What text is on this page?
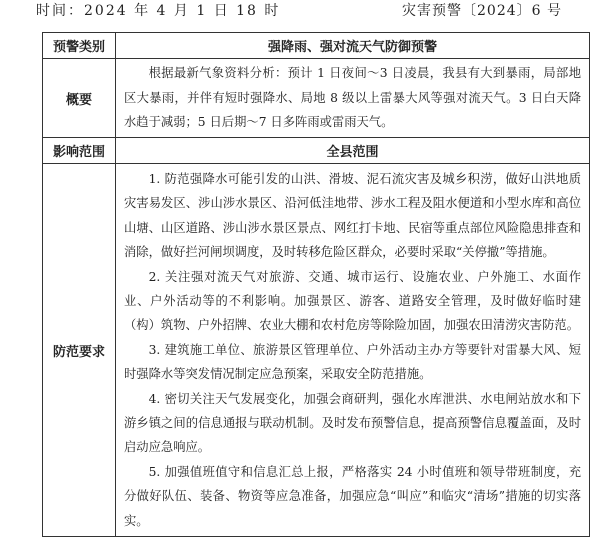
时间：2024 年 4 月 1 日 18 时	灾害预警〔2024〕6 号
预警类别	强降雨、强对流天气防御预警
概要	根据最新气象资料分析：预计 1 日夜间～3 日凌晨，我县有大到暴雨，局部地区大暴雨，并伴有短时强降水、局地 8 级以上雷暴大风等强对流天气。3 日白天降水趋于减弱；5 日后期～7 日多阵雨或雷雨天气。

影响范围	全县范围
防范要求	1. 防范强降水可能引发的山洪、滑坡、泥石流灾害及城乡积涝，做好山洪地质灾害易发区、涉山涉水景区、沿河低洼地带、涉水工程及阻水便道和小型水库和高位山塘、山区道路、涉山涉水景区景点、网红打卡地、民宿等重点部位风险隐患排查和消除，做好拦河闸坝调度，及时转移危险区群众，必要时采取“关停撤”等措施。

2. 关注强对流天气对旅游、交通、城市运行、设施农业、户外施工、水面作业、户外活动等的不利影响。加强景区、游客、道路安全管理，及时做好临时建（构）筑物、户外招牌、农业大棚和农村危房等除险加固，加强农田清涝灾害防范。

3. 建筑施工单位、旅游景区管理单位、户外活动主办方等要针对雷暴大风、短时强降水等突发情况制定应急预案，采取安全防范措施。

4. 密切关注天气发展变化，加强会商研判，强化水库泄洪、水电闸站放水和下游乡镇之间的信息通报与联动机制。及时发布预警信息，提高预警信息覆盖面，及时启动应急响应。

5. 加强值班值守和信息汇总上报，严格落实 24 小时值班和领导带班制度，充分做好队伍、装备、物资等应急准备，加强应急“叫应”和临灾“清场”措施的切实落实。
